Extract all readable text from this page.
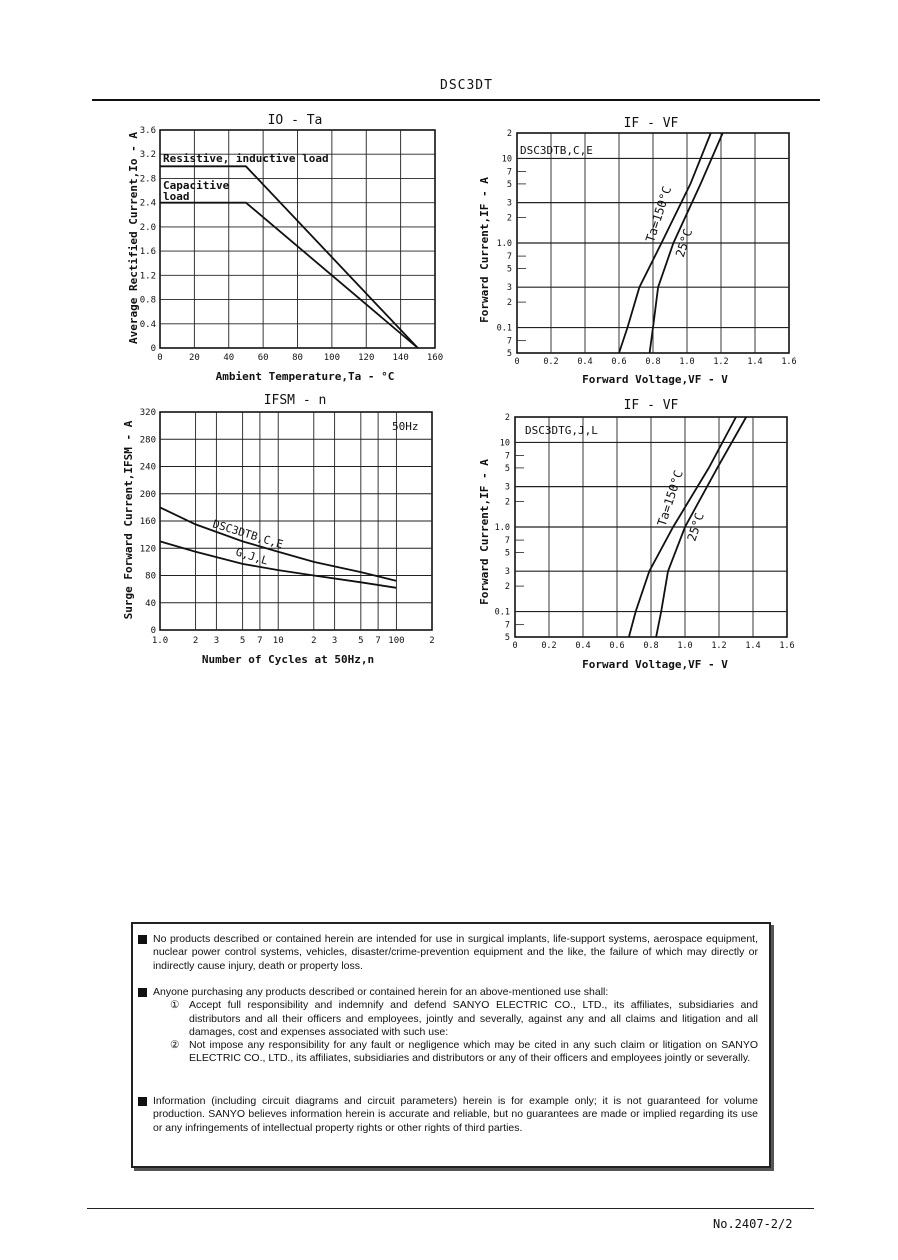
DSC3DT
IO - Ta
0	20	40	60	80 100 120 140 160
0
0.4
0.8
1.2
1.6
2.0
2.4
2.8
3.2
3.6
Resistive, inductive load
Capacitive
load
Ambient Temperature,Ta - °C
Average Rectified Current,Io - A
IFSM - n
1.0	2 3 5 7 10	2 3 5 7 100	2
0
40
80
120
160
200
240
280
320
50Hz
DSC3DTB,C,E
G,J,L
Number of Cycles at 50Hz,n
Surge Forward Current,IFSM - A
IF - VF
5
7
0.1
2
3
5
7
1.0
2
3
5
7
10
2
0	0.2 0.4 0.6 0.8 1.0 1.2 1.4 1.6
DSC3DTB,C,E
Forward Voltage,VF - V
Forward Current,IF - A	Ta=150°C
25°C
IF - VF
5
7
0.1
2
3
5
7
1.0
2
3
5
7
10
2
0	0.2 0.4 0.6 0.8 1.0 1.2 1.4 1.6
DSC3DTG,J,L
Forward Voltage,VF - V
Forward Current,IF - A	Ta=150°C
25°C
No products described or contained herein are intended for use in surgical implants, life-support systems, aerospace equipment, nuclear power control systems, vehicles, disaster/crime-prevention equipment and the like, the failure of which may directly or indirectly cause injury, death or property loss.
Anyone purchasing any products described or contained herein for an above-mentioned use shall:
① Accept full responsibility and indemnify and defend SANYO ELECTRIC CO., LTD., its affiliates, subsidiaries and distributors and all their officers and employees, jointly and severally, against any and all claims and litigation and all damages, cost and expenses associated with such use:
② Not impose any responsibility for any fault or negligence which may be cited in any such claim or litigation on SANYO ELECTRIC CO., LTD., its affiliates, subsidiaries and distributors or any of their officers and employees jointly or severally.
Information (including circuit diagrams and circuit parameters) herein is for example only; it is not guaranteed for volume production. SANYO believes information herein is accurate and reliable, but no guarantees are made or implied regarding its use or any infringements of intellectual property rights or other rights of third parties.
No.2407-2/2
